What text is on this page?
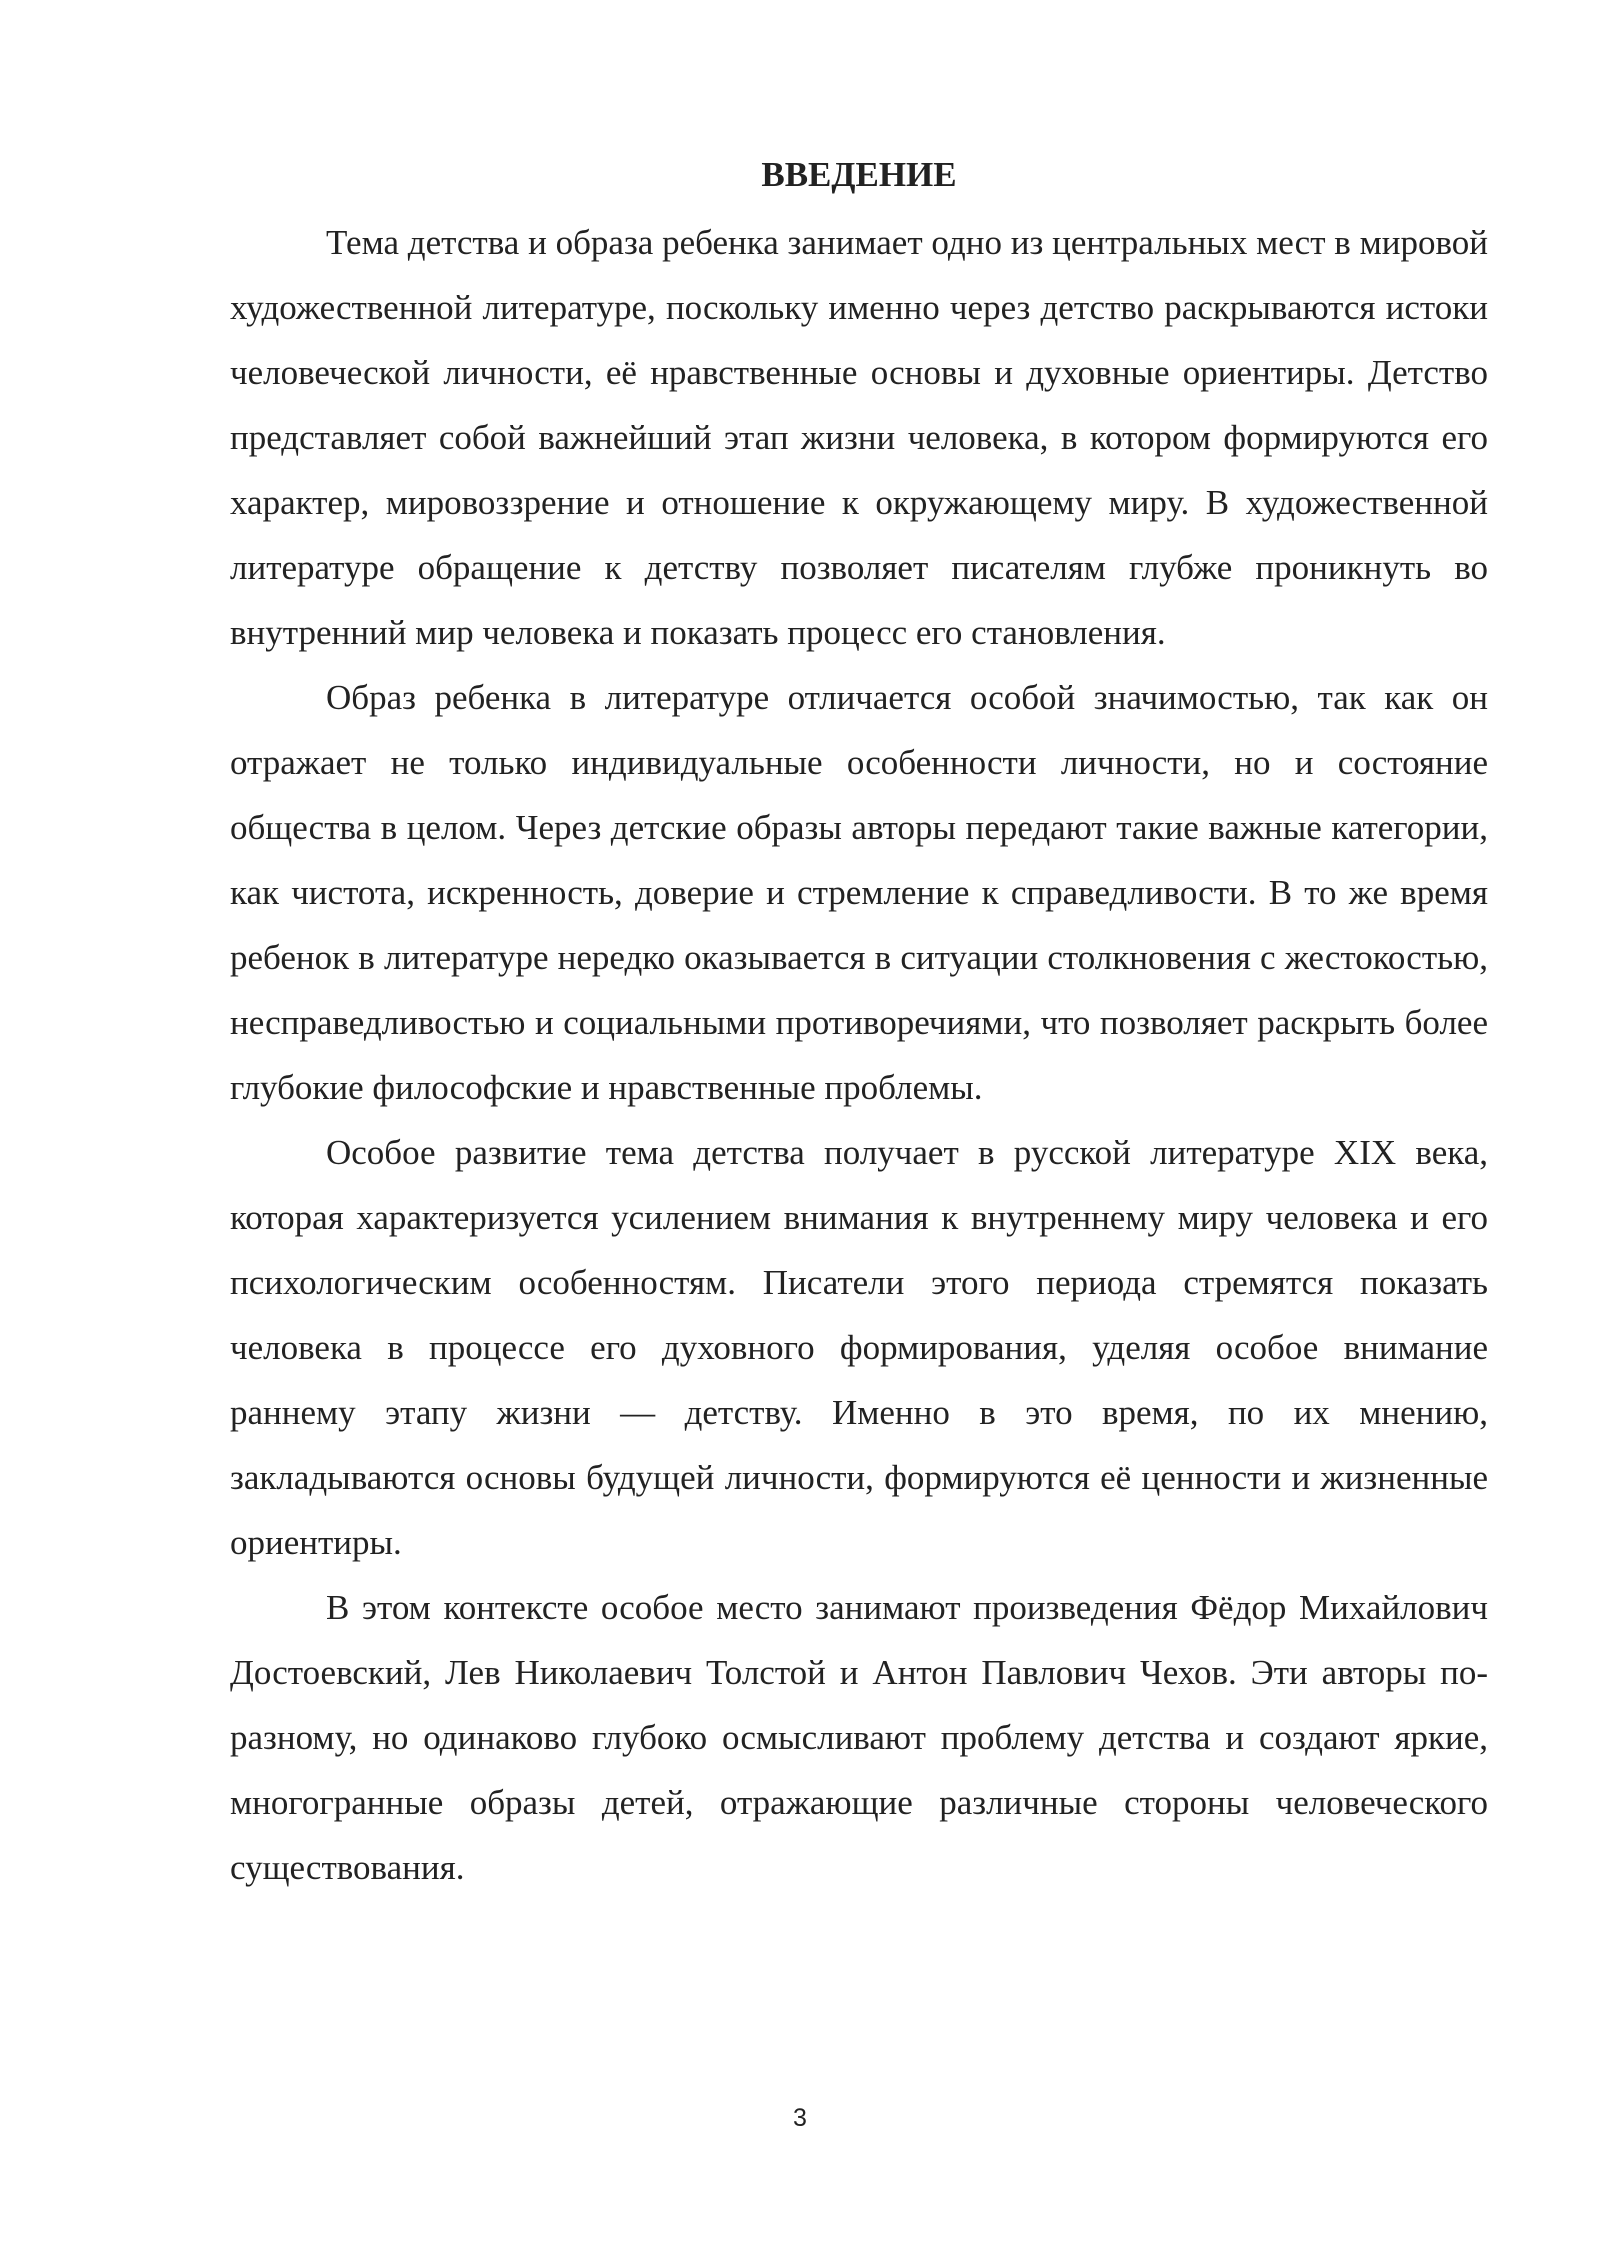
ВВЕДЕНИЕ

Тема детства и образа ребенка занимает одно из центральных мест в мировой художественной литературе, поскольку именно через детство раскрываются истоки человеческой личности, её нравственные основы и духовные ориентиры. Детство представляет собой важнейший этап жизни человека, в котором формируются его характер, мировоззрение и отношение к окружающему миру. В художественной литературе обращение к детству позволяет писателям глубже проникнуть во внутренний мир человека и показать процесс его становления.

Образ ребенка в литературе отличается особой значимостью, так как он отражает не только индивидуальные особенности личности, но и состояние общества в целом. Через детские образы авторы передают такие важные категории, как чистота, искренность, доверие и стремление к справедливости. В то же время ребенок в литературе нередко оказывается в ситуации столкновения с жестокостью, несправедливостью и социальными противоречиями, что позволяет раскрыть более глубокие философские и нравственные проблемы.

Особое развитие тема детства получает в русской литературе XIX века, которая характеризуется усилением внимания к внутреннему миру человека и его психологическим особенностям. Писатели этого периода стремятся показать человека в процессе его духовного формирования, уделяя особое внимание раннему этапу жизни — детству. Именно в это время, по их мнению, закладываются основы будущей личности, формируются её ценности и жизненные ориентиры.

В этом контексте особое место занимают произведения Фёдор Михайлович Достоевский, Лев Николаевич Толстой и Антон Павлович Чехов. Эти авторы по-разному, но одинаково глубоко осмысливают проблему детства и создают яркие, многогранные образы детей, отражающие различные стороны человеческого существования.

3
